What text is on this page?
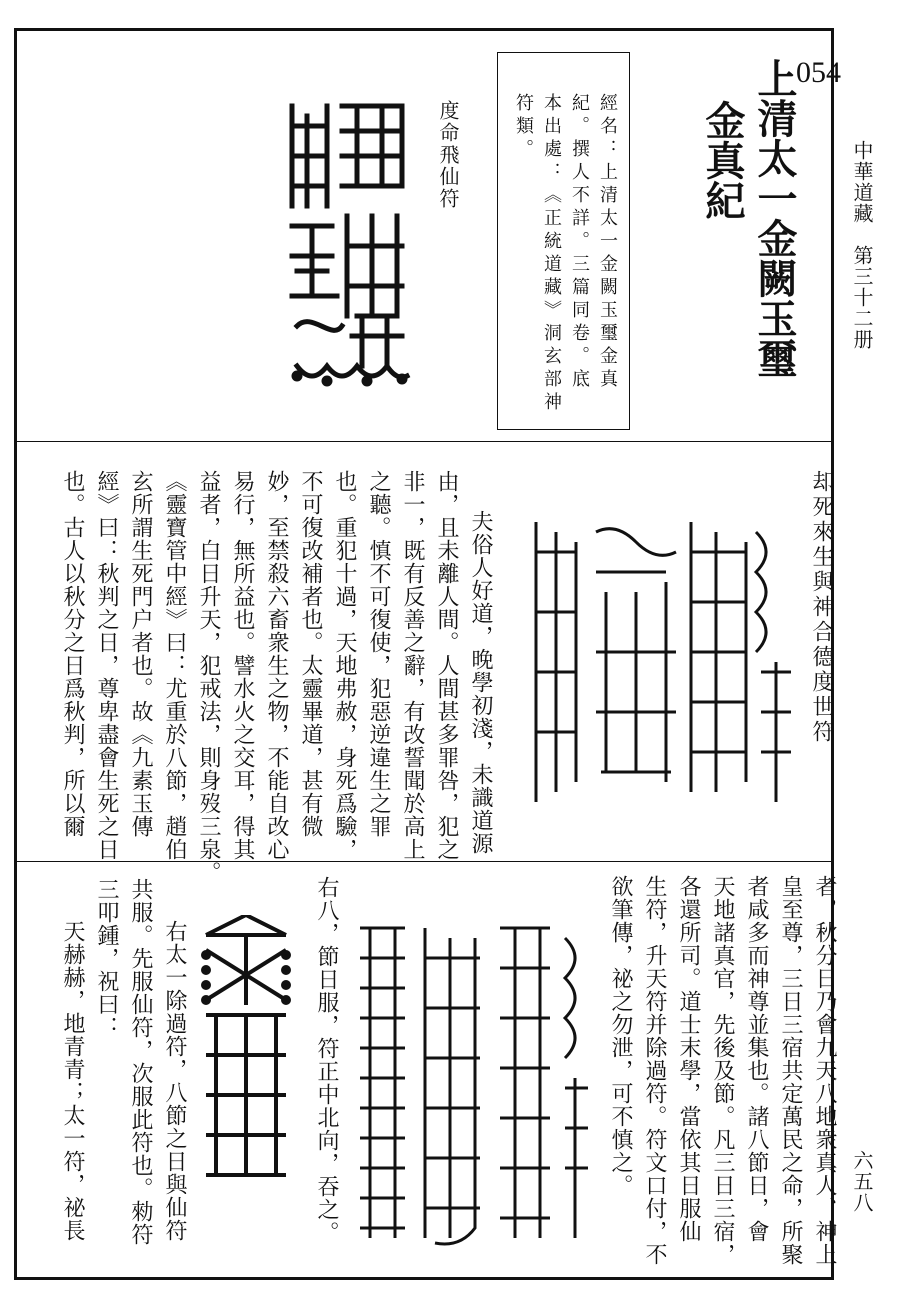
中華道藏　第三十二册
六五八
054
上清太一金闕玉璽
金真紀
經名：上清太一金闕玉璽金真
紀。撰人不詳。三篇同卷。底
本出處：《正統道藏》洞玄部神
符類。
度命飛仙符
却死來生與神合德度世符
夫俗人好道，晚學初淺，未識道源
由，且未離人間。人間甚多罪咎，犯之
非一，既有反善之辭，有改誓聞於高上
之聽。慎不可復使，犯惡逆違生之罪
也。重犯十過，天地弗赦，身死爲驗，
不可復改補者也。太靈畢道，甚有微
妙，至禁殺六畜衆生之物，不能自改心
易行，無所益也。譬水火之交耳，得其
益者，白日升天，犯戒法，則身歿三泉。
《靈寶管中經》曰：尤重於八節，趙伯
玄所謂生死門户者也。故《九素玉傳
經》曰：秋判之日，尊卑盡會生死之日
也。古人以秋分之日爲秋判，所以爾
者，秋分日乃會九天八地衆真人、神上
皇至尊，三日三宿共定萬民之命，所聚
者咸多而神尊並集也。諸八節日，會
天地諸真官，先後及節。凡三日三宿，
各還所司。道士末學，當依其日服仙
生符，升天符并除過符。符文口付，不
欲筆傳，祕之勿泄，可不慎之。
右八，節日服，符正中北向，吞之。
右太一除過符，八節之日與仙符
共服。先服仙符，次服此符也。勑符
三叩鍾，祝曰：
天赫赫，地青青；太一符，祕長
